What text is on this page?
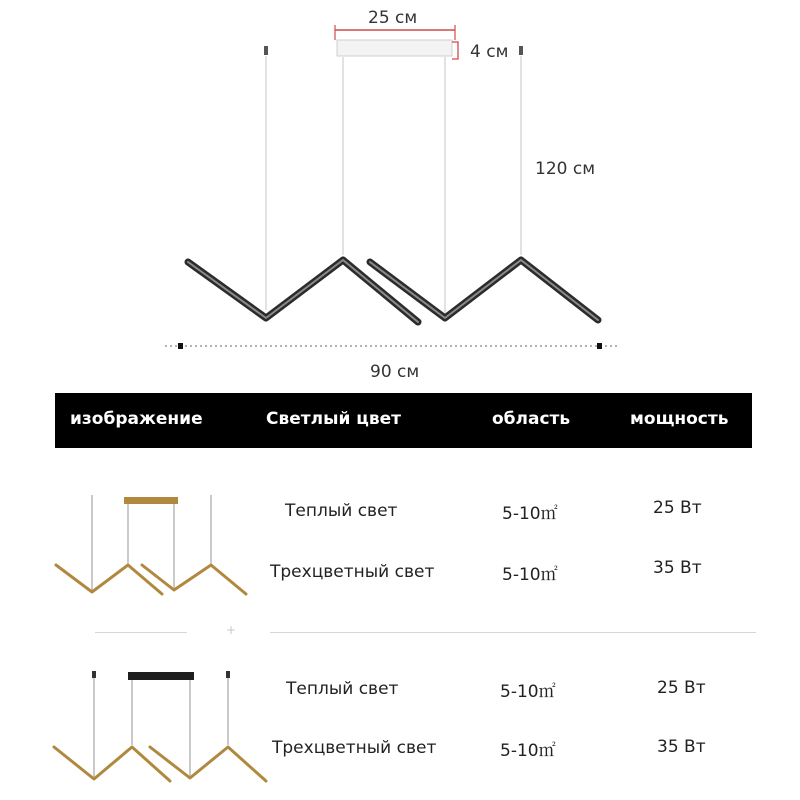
25 см
4 см
120 см
90 см
изображение	Светлый цвет	область	мощность
Теплый свет	5-10㎡	25 Вт
Трехцветный свет	5-10㎡	35 Вт
+
Теплый свет	5-10㎡	25 Вт
Трехцветный свет	5-10㎡	35 Вт
